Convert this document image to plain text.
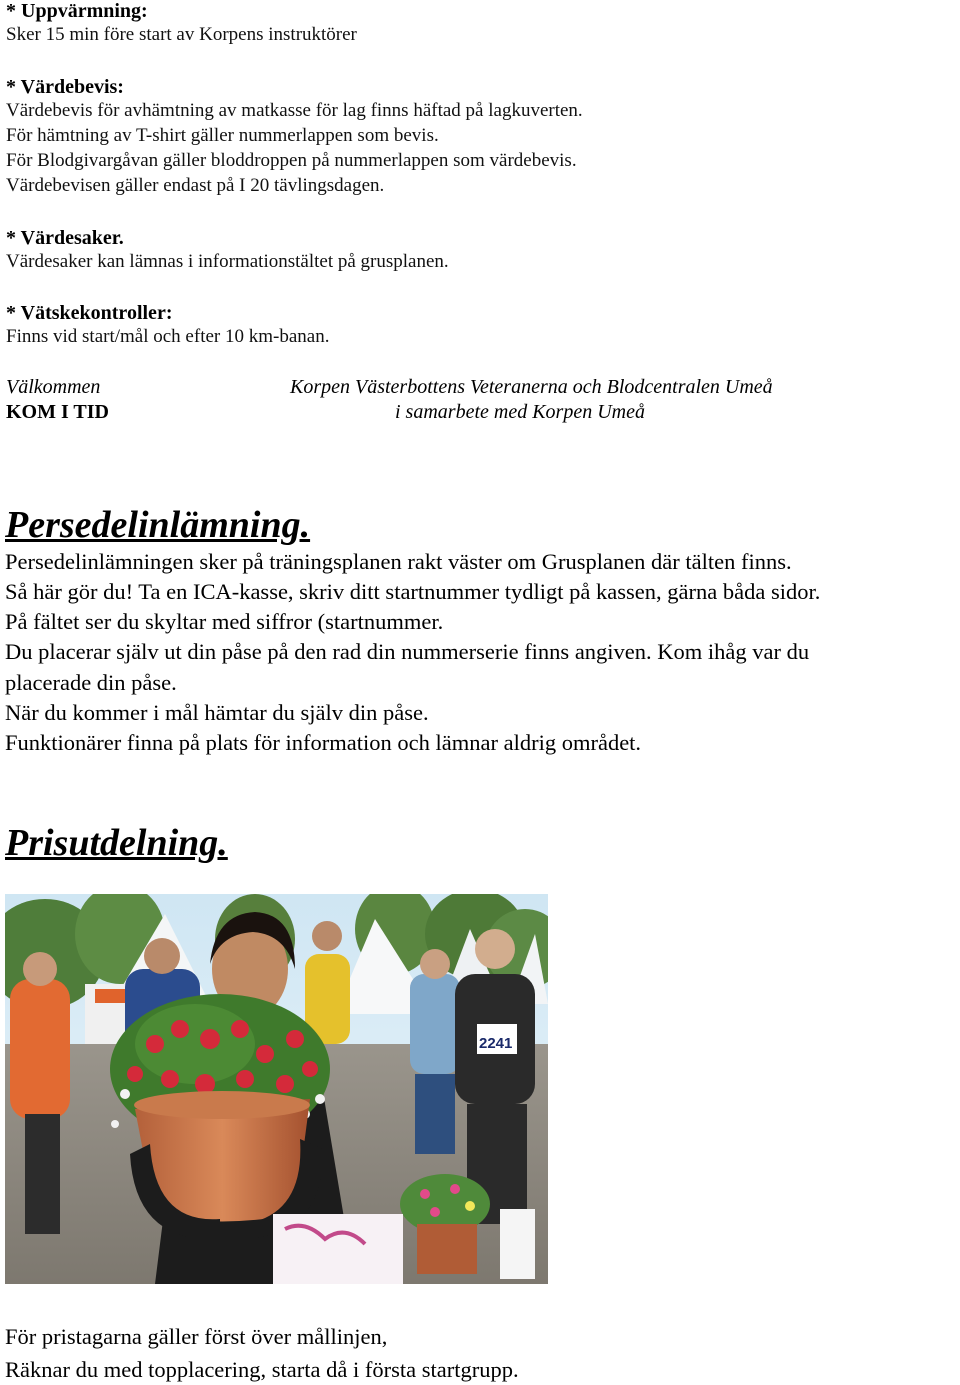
* Uppvärmning:
Sker 15 min före start av Korpens instruktörer
* Värdebevis:
Värdebevis för avhämtning av matkasse för lag finns häftad på lagkuverten.
För hämtning av T-shirt gäller nummerlappen som bevis.
För Blodgivargåvan gäller bloddroppen på nummerlappen som värdebevis.
Värdebevisen gäller endast på I 20 tävlingsdagen.
* Värdesaker.
Värdesaker kan lämnas i informationstältet på grusplanen.
* Vätskekontroller:
Finns vid start/mål och efter 10 km-banan.
Välkommen
KOM I TID
Korpen Västerbottens Veteranerna och Blodcentralen Umeå
i samarbete med Korpen Umeå
Persedelinlämning.
Persedelinlämningen sker på träningsplanen rakt väster om Grusplanen där tälten finns.
Så här gör du! Ta en ICA-kasse, skriv ditt startnummer tydligt på kassen, gärna båda sidor.
På fältet ser du skyltar med siffror (startnummer.
Du placerar själv ut din påse på den rad din nummerserie finns angiven. Kom ihåg var du
placerade din påse.
När du kommer i mål hämtar du själv din påse.
Funktionärer finna på plats för information och lämnar aldrig området.
Prisutdelning.
2241
För pristagarna gäller först över mållinjen,
Räknar du med topplacering, starta då i första startgrupp.
